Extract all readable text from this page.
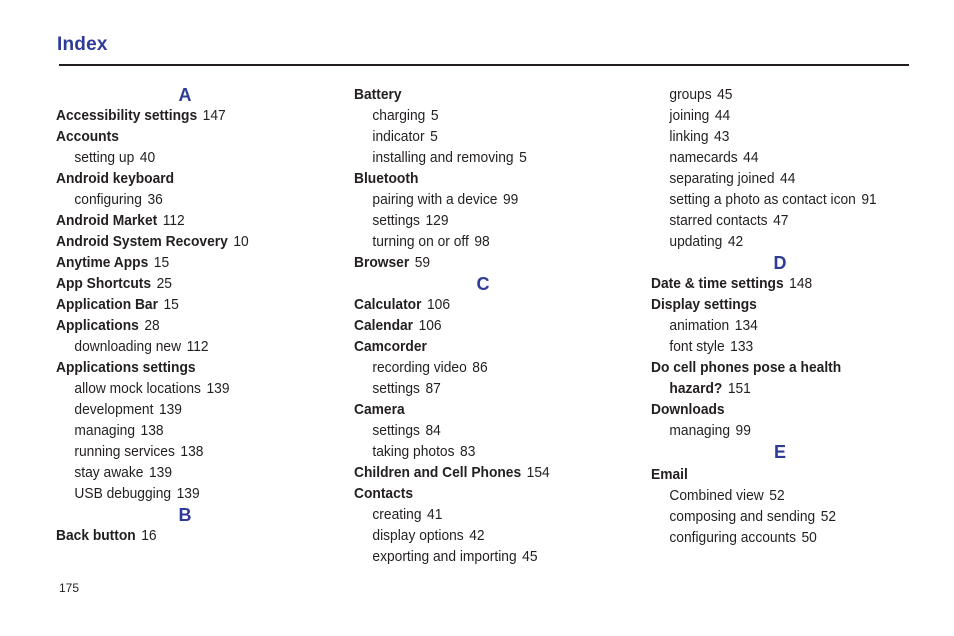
Index
A
Accessibility settings 147
Accounts
setting up 40
Android keyboard
configuring 36
Android Market 112
Android System Recovery 10
Anytime Apps 15
App Shortcuts 25
Application Bar 15
Applications 28
downloading new 112
Applications settings
allow mock locations 139
development 139
managing 138
running services 138
stay awake 139
USB debugging 139
B
Back button 16
Battery
charging 5
indicator 5
installing and removing 5
Bluetooth
pairing with a device 99
settings 129
turning on or off 98
Browser 59
C
Calculator 106
Calendar 106
Camcorder
recording video 86
settings 87
Camera
settings 84
taking photos 83
Children and Cell Phones 154
Contacts
creating 41
display options 42
exporting and importing 45
groups 45
joining 44
linking 43
namecards 44
separating joined 44
setting a photo as contact icon 91
starred contacts 47
updating 42
D
Date & time settings 148
Display settings
animation 134
font style 133
Do cell phones pose a health
hazard? 151
Downloads
managing 99
E
Email
Combined view 52
composing and sending 52
configuring accounts 50
175
